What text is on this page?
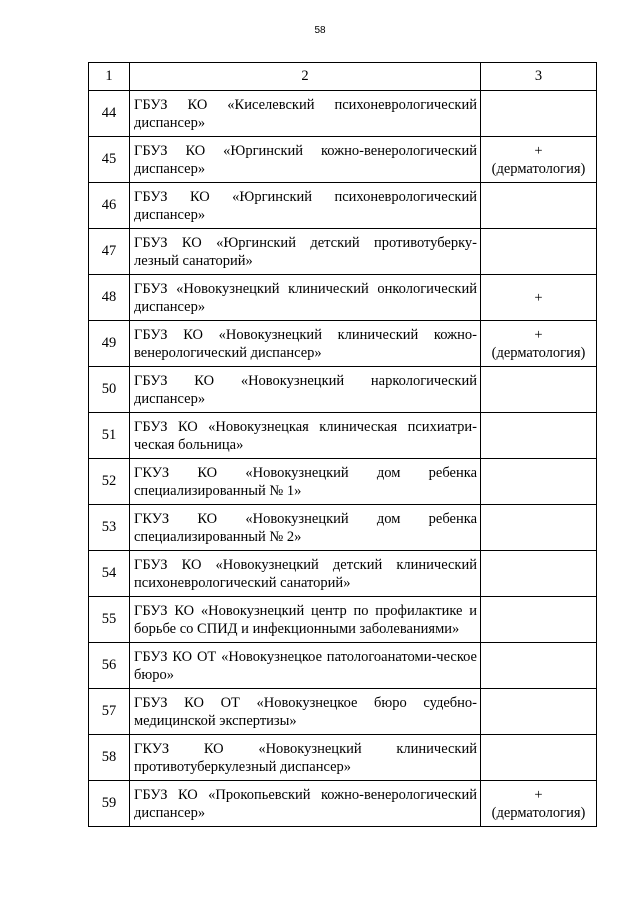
58
1	2	3
44	ГБУЗ КО «Киселевский психоневрологический диспансер»	

45	ГБУЗ КО «Юргинский кожно-венерологический диспансер»	+
(дерматология)

46	ГБУЗ КО «Юргинский психоневрологический диспансер»	

47	ГБУЗ КО «Юргинский детский противотуберку-лезный санаторий»	

48	ГБУЗ «Новокузнецкий клинический онкологический диспансер»	+

49	ГБУЗ КО «Новокузнецкий клинический кожно-венерологический диспансер»	+
(дерматология)

50	ГБУЗ КО «Новокузнецкий наркологический диспансер»	

51	ГБУЗ КО «Новокузнецкая клиническая психиатри-ческая больница»	

52	ГКУЗ КО «Новокузнецкий дом ребенка специализированный № 1»	

53	ГКУЗ КО «Новокузнецкий дом ребенка специализированный № 2»	

54	ГБУЗ КО «Новокузнецкий детский клинический психоневрологический санаторий»	

55	ГБУЗ КО «Новокузнецкий центр по профилактике и борьбе со СПИД и инфекционными заболеваниями»	

56	ГБУЗ КО ОТ «Новокузнецкое патологоанатоми-ческое бюро»	

57	ГБУЗ КО ОТ «Новокузнецкое бюро судебно-медицинской экспертизы»	

58	ГКУЗ КО «Новокузнецкий клинический противотуберкулезный диспансер»	

59	ГБУЗ КО «Прокопьевский кожно-венерологический диспансер»	+
(дерматология)
